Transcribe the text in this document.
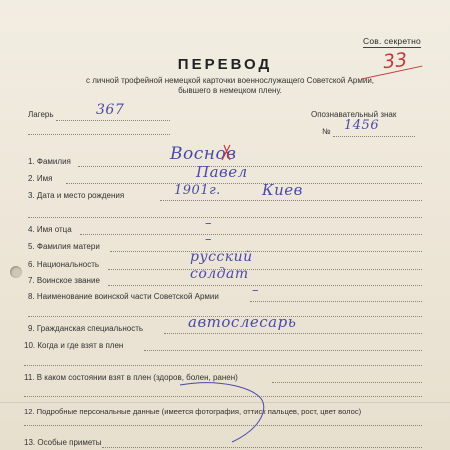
Сов. секретно
33
ПЕРЕВОД
с личной трофейной немецкой карточки военнослужащего Советской Армии,
бывшего в немецком плену.
Лагерь	367	Опознавательный знак
№ 1456
1. Фамилия	Воснов
2. Имя	Павел
3. Дата и место рождения	1901г.	Киев
4. Имя отца	–
5. Фамилия матери	–
6. Национальность	русский
7. Воинское звание	солдат
8. Наименование воинской части Советской Армии	–
9. Гражданская специальность	автослесарь
10. Когда и где взят в плен
11. В каком состоянии взят в плен (здоров, болен, ранен)
12. Подробные персональные данные (имеется фотография, оттиск пальцев, рост, цвет волос)
13. Особые приметы
